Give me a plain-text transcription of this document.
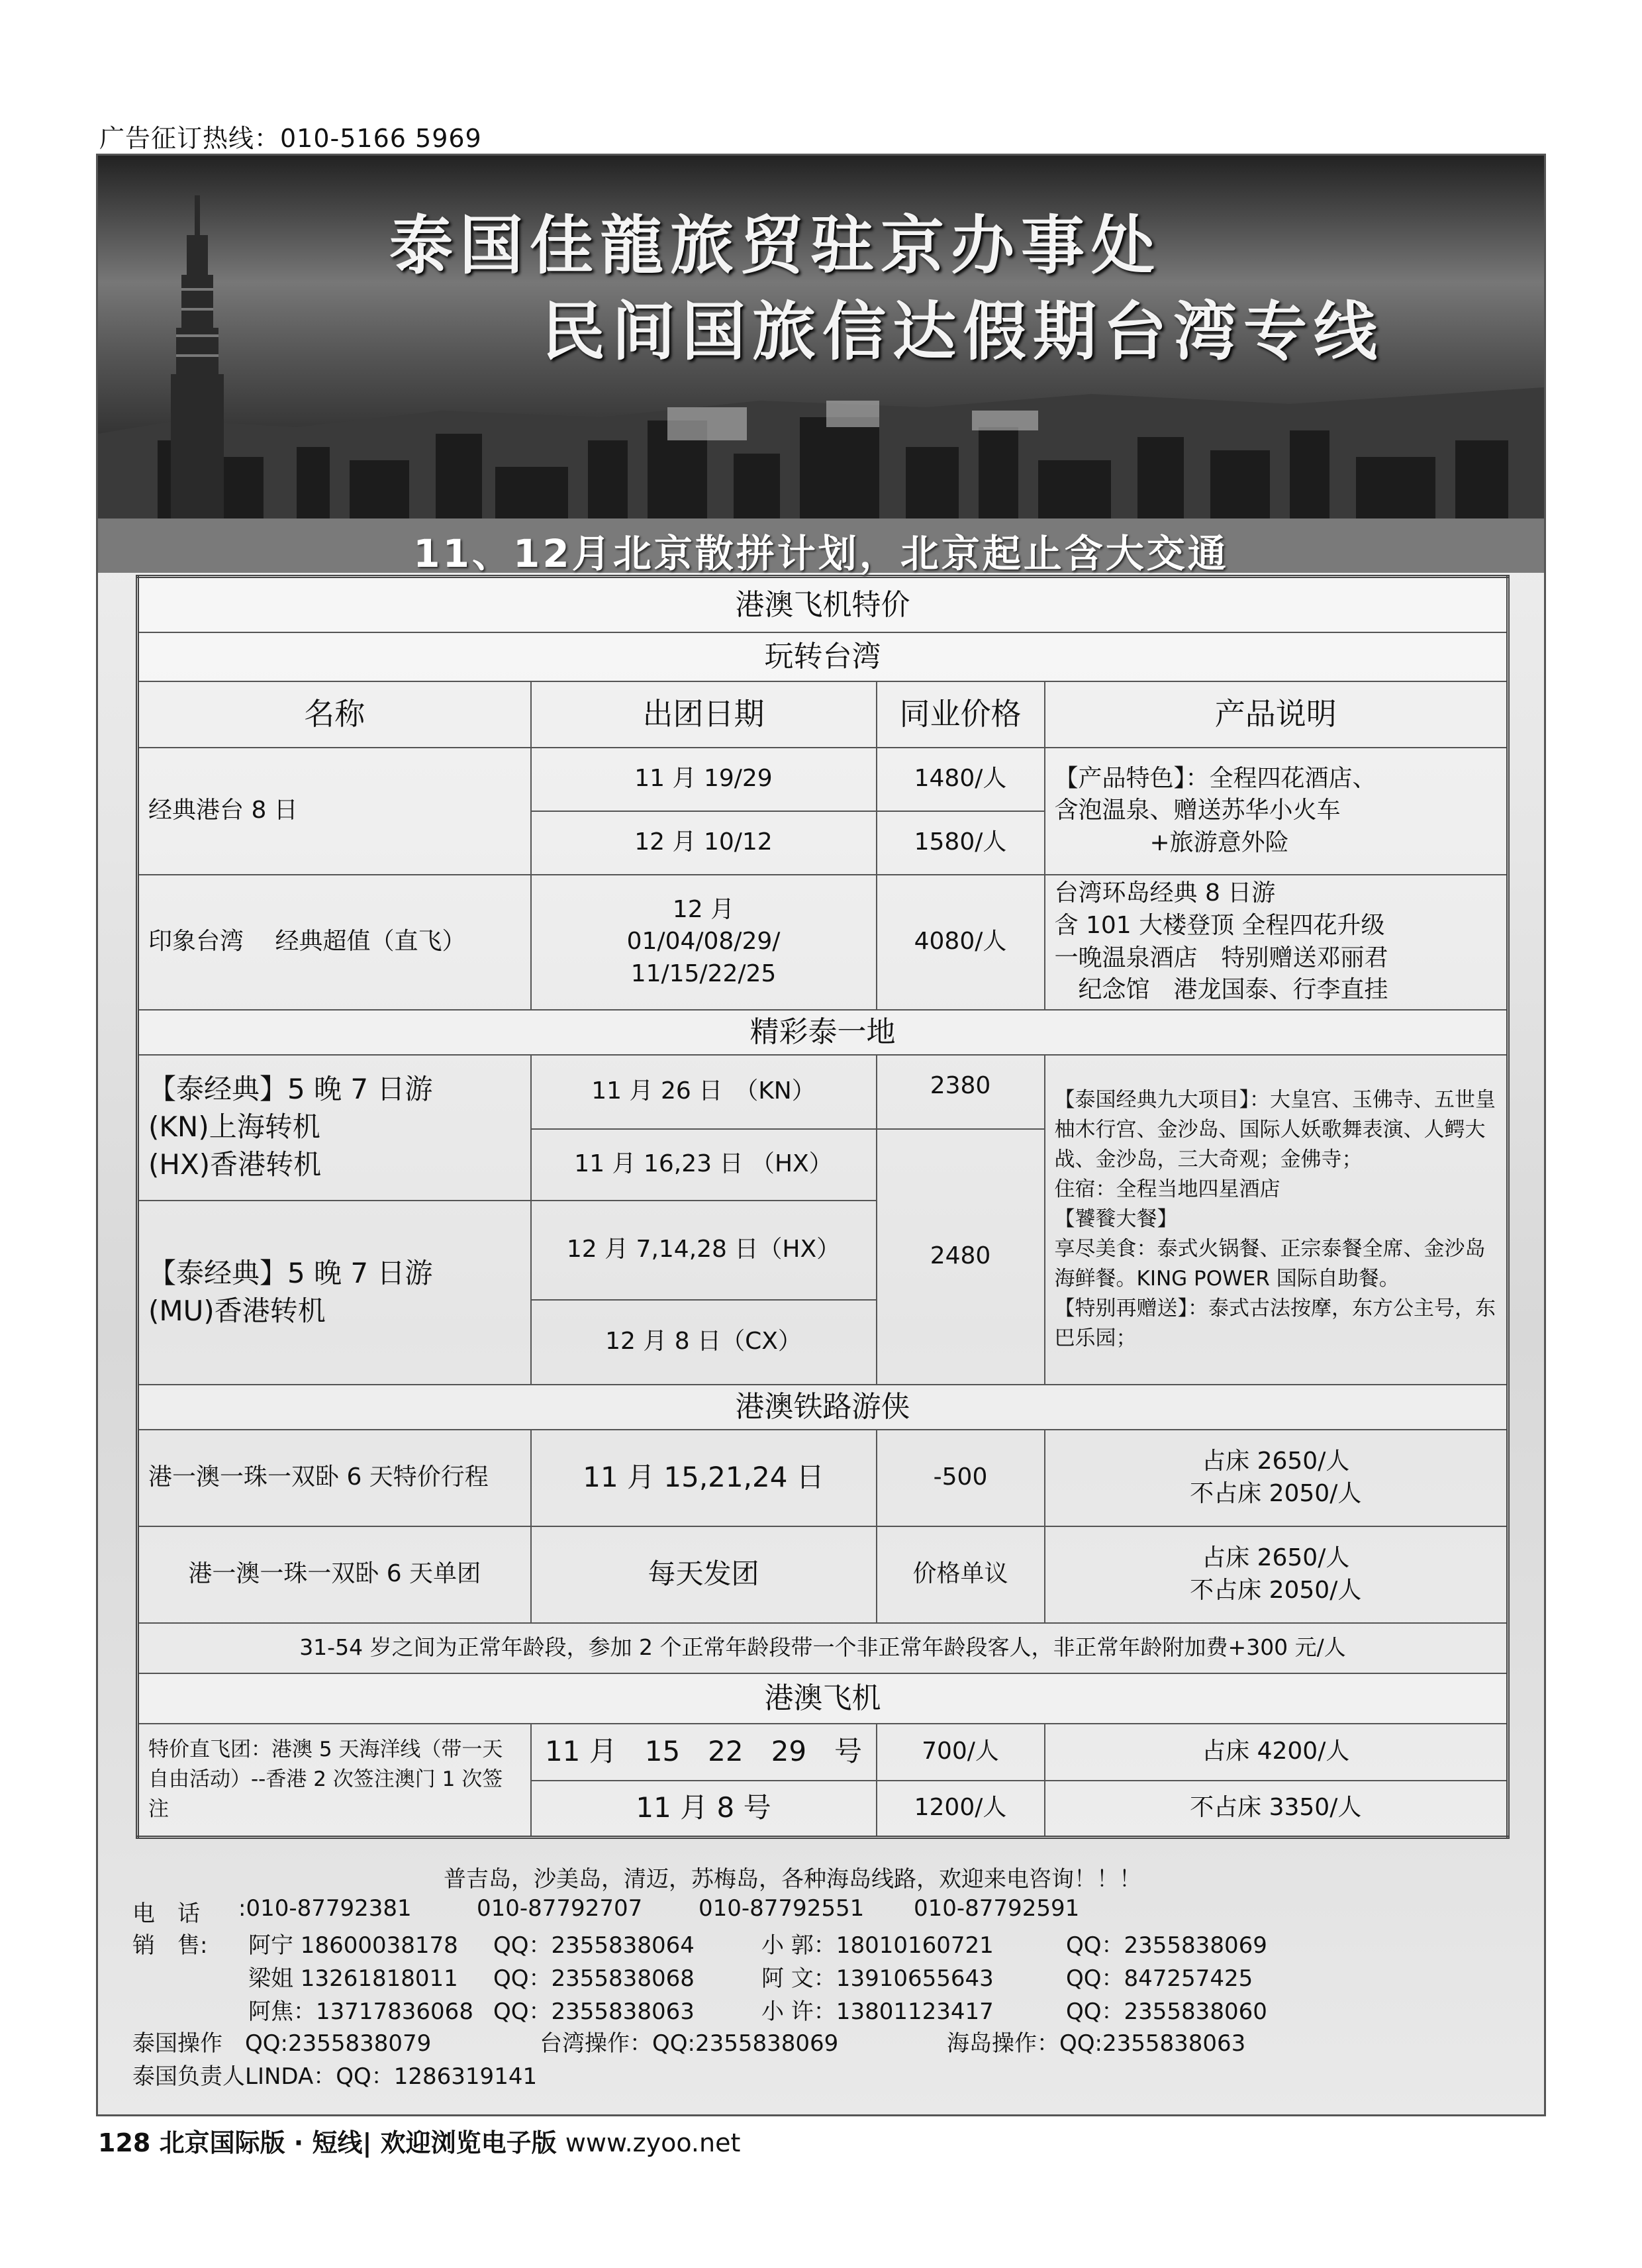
广告征订热线：010-5166 5969
泰国佳龍旅贸驻京办事处
民间国旅信达假期台湾专线
11、12月北京散拼计划，北京起止含大交通
港澳飞机特价			
玩转台湾			
名称	出团日期	同业价格	产品说明
经典港台 8 日	11 月 19/29	1480/人	【产品特色】：全程四花酒店、
含泡温泉、赠送苏华小火车
　　　　+旅游意外险
	12 月 10/12	1580/人	
印象台湾　 经典超值（直飞）	12 月
01/04/08/29/
11/15/22/25	4080/人	台湾环岛经典 8 日游
含 101 大楼登顶 全程四花升级
一晚温泉酒店　特别赠送邓丽君
　纪念馆　港龙国泰、行李直挂
精彩泰一地			
【泰经典】5 晚 7 日游
(KN)上海转机
(HX)香港转机	11 月 26 日　（KN）	2380	【泰国经典九大项目】：大皇宫、玉佛寺、五世皇柚木行宫、金沙岛、国际人妖歌舞表演、人鳄大战、金沙岛，三大奇观；金佛寺；
住宿：全程当地四星酒店
【饕餮大餐】
享尽美食：泰式火锅餐、正宗泰餐全席、金沙岛海鲜餐。KING POWER 国际自助餐。
【特别再赠送】：泰式古法按摩，东方公主号，东巴乐园；
	11 月 16,23 日 （HX）	2480	
【泰经典】5 晚 7 日游
(MU)香港转机	12 月 7,14,28 日（HX）		
	12 月 8 日（CX）		
港澳铁路游侠			
港一澳一珠一双卧 6 天特价行程	11 月 15,21,24 日	-500	占床 2650/人
不占床 2050/人
港一澳一珠一双卧 6 天单团	每天发团	价格单议	占床 2650/人
不占床 2050/人
31-54 岁之间为正常年龄段，参加 2 个正常年龄段带一个非正常年龄段客人，非正常年龄附加费+300 元/人			
港澳飞机			
特价直飞团：港澳 5 天海洋线（带一天自由活动）--香港 2 次签注澳门 1 次签注	11 月　15　22　29　号	700/人	占床 4200/人
	11 月 8 号	1200/人	不占床 3350/人
普吉岛，沙美岛，清迈，苏梅岛，各种海岛线路，欢迎来电咨询！！！
电　话 :010-87792381	010-87792707 010-87792551 010-87792591
销　售: 阿宁 18600038178 QQ：2355838064	小 郭：18010160721	QQ：2355838069
梁姐 13261818011 QQ：2355838068	阿 文：13910655643	QQ：847257425
阿焦：13717836068 QQ：2355838063	小 许：13801123417	QQ：2355838060
泰国操作　QQ:2355838079	台湾操作：QQ:2355838069	海岛操作：QQ:2355838063
泰国负责人LINDA：QQ：1286319141
128 北京国际版 · 短线| 欢迎浏览电子版 www.zyoo.net
